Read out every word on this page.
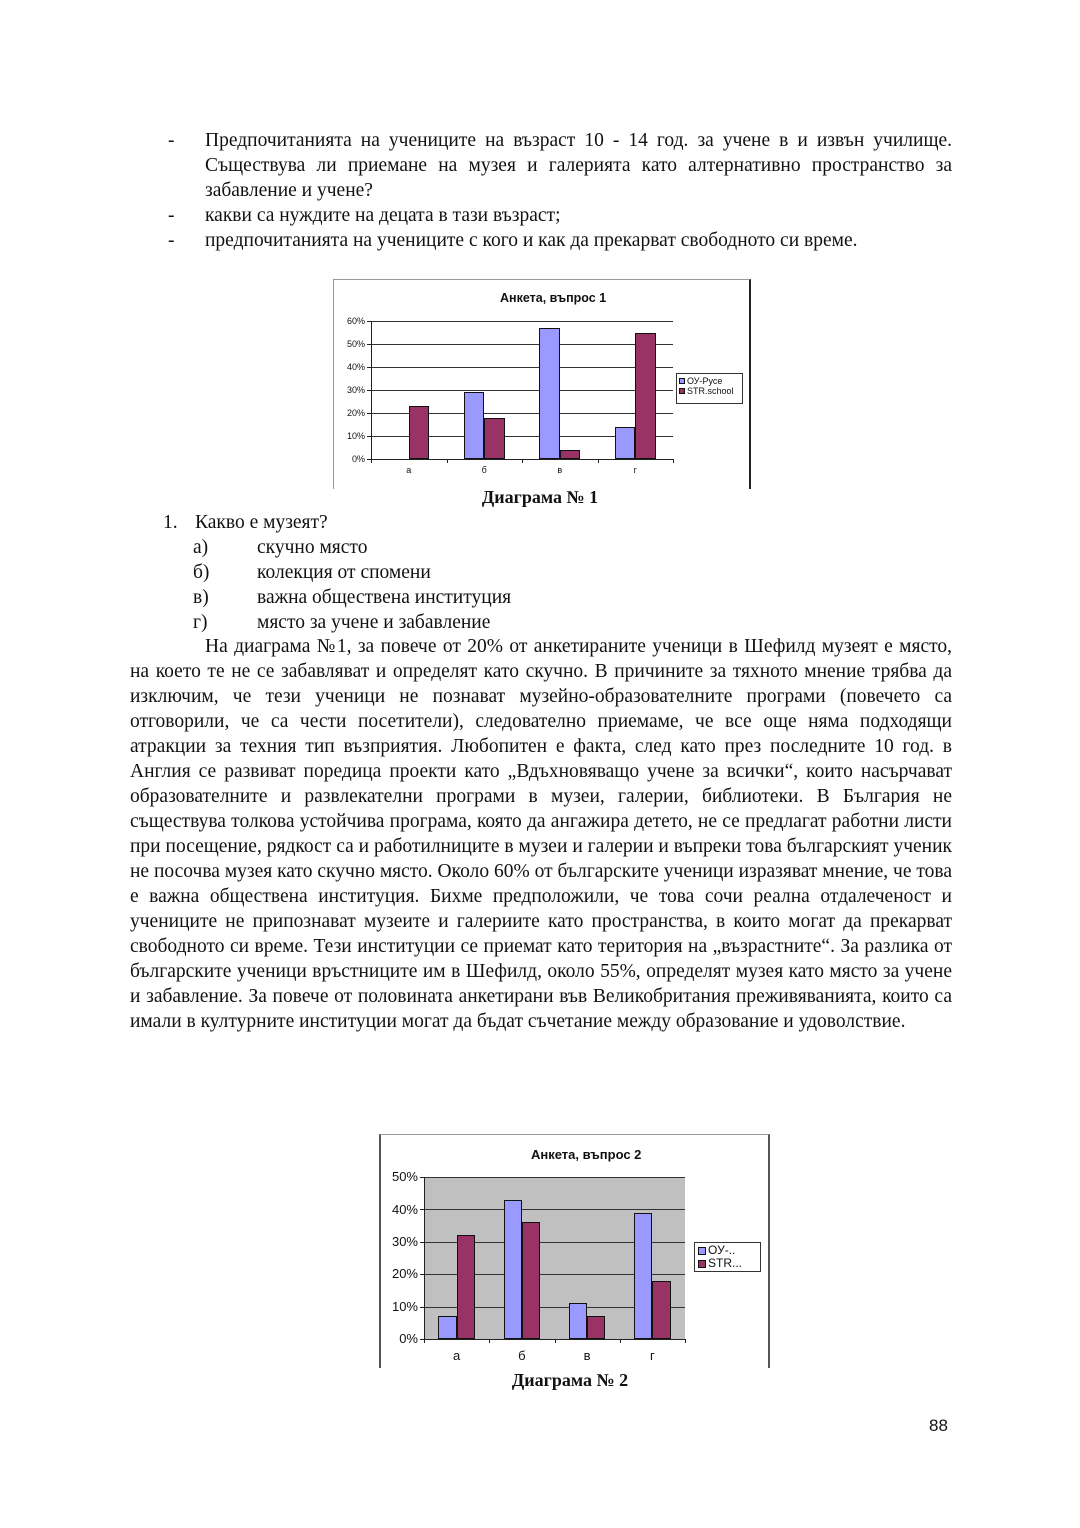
- Предпочитанията на учениците на възраст 10 - 14 год. за учене в и извън училище. Съществува ли приемане на музея и галерията като алтернативно пространство за забавление и учене?
- какви са нуждите на децата в тази възраст;
- предпочитанията на учениците с кого и как да прекарват свободното си време.
Анкета, въпрос 1
ОУ-Русе
STR.school
0%
10%
20%
30%
40%
50%
60%
а	б	в	г
Диаграма № 1
1. Какво е музеят?
а)	скучно място
б) колекция от спомени
в) важна обществена институция
г)	място за учене и забавление
На диаграма №1, за повече от 20% от анкетираните ученици в Шефилд музеят е място, на което те не се забавляват и определят като скучно. В причините за тяхното мнение трябва да изключим, че тези ученици не познават музейно-образователните програми (повечето са отговорили, че са чести посетители), следователно приемаме, че все още няма подходящи атракции за техния тип възприятия. Любопитен е факта, след като през последните 10 год. в Англия се развиват поредица проекти като „Вдъхновяващо учене за всички“, които насърчават образователните и развлекателни програми в музеи, галерии, библиотеки. В България не съществува толкова устойчива програма, която да ангажира детето, не се предлагат работни листи при посещение, рядкост са и работилниците в музеи и галерии и въпреки това българският ученик не посочва музея като скучно място. Около 60% от българските ученици изразяват мнение, че това е важна обществена институция. Бихме предположили, че това сочи реална отдалеченост и учениците не припознават музеите и галериите като пространства, в които могат да прекарват свободното си време. Тези институции се приемат като територия на „възрастните“. За разлика от българските ученици връстниците им в Шефилд, около 55%, определят музея като място за учене и забавление. За повече от половината анкетирани във Великобритания преживяванията, които са имали в културните институции могат да бъдат съчетание между образование и удоволствие.
Анкета, въпрос 2
ОУ-..
STR...
0%
10%
20%
30%
40%
50%
а	б	в	г
Диаграма № 2
88
